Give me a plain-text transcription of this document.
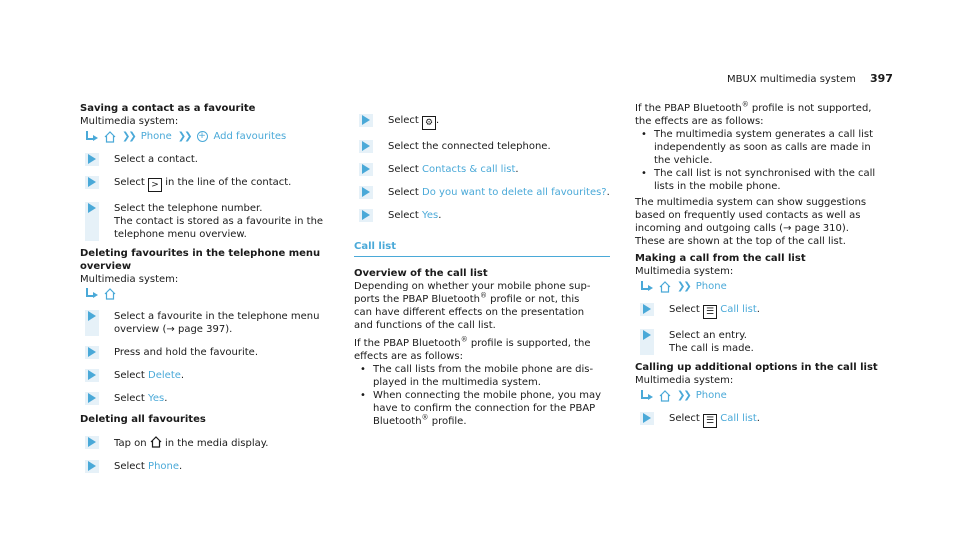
MBUX multimedia system 397
Saving a contact as a favourite
Multimedia system:
❯❯ Phone ❯❯ + Add favourites
Select a contact.
Select > in the line of the contact.
Select the telephone number.
The contact is stored as a favourite in the
telephone menu overview.
Deleting favourites in the telephone menu
overview
Multimedia system:
Select a favourite in the telephone menu
overview (→ page 397).
Press and hold the favourite.
Select Delete.
Select Yes.
Deleting all favourites
Tap on in the media display.
Select Phone.
Select ⚙ .
Select the connected telephone.
Select Contacts & call list.
Select Do you want to delete all favourites?.
Select Yes.
Call list
Overview of the call list
Depending on whether your mobile phone sup-
ports the PBAP Bluetooth® profile or not, this
can have different effects on the presentation
and functions of the call list.
If the PBAP Bluetooth® profile is supported, the
effects are as follows:
• The call lists from the mobile phone are dis-
played in the multimedia system.
• When connecting the mobile phone, you may
have to confirm the connection for the PBAP
Bluetooth® profile.
If the PBAP Bluetooth® profile is not supported,
the effects are as follows:
• The multimedia system generates a call list
independently as soon as calls are made in
the vehicle.
• The call list is not synchronised with the call
lists in the mobile phone.
The multimedia system can show suggestions
based on frequently used contacts as well as
incoming and outgoing calls (→ page 310).
These are shown at the top of the call list.
Making a call from the call list
Multimedia system:
❯❯ Phone
Select ☰ Call list.
Select an entry.
The call is made.
Calling up additional options in the call list
Multimedia system:
❯❯ Phone
Select ☰ Call list.
